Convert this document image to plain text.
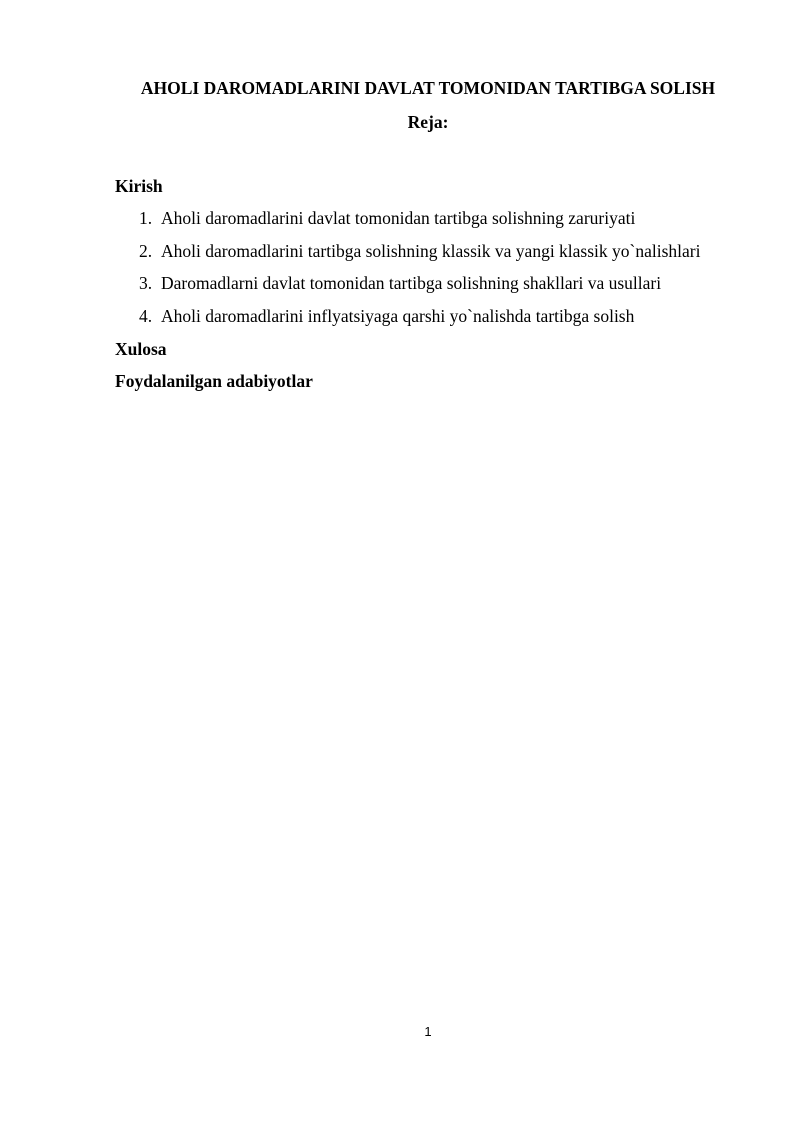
AHOLI DAROMADLARINI DAVLAT TOMONIDAN TARTIBGA SOLISH
Reja:
Kirish
1. Aholi daromadlarini davlat tomonidan tartibga solishning zaruriyati
2. Aholi daromadlarini tartibga solishning klassik va yangi klassik yo`nalishlari
3. Daromadlarni davlat tomonidan tartibga solishning shakllari va usullari
4. Aholi daromadlarini inflyatsiyaga qarshi yo`nalishda tartibga solish
Xulosa
Foydalanilgan adabiyotlar
1
